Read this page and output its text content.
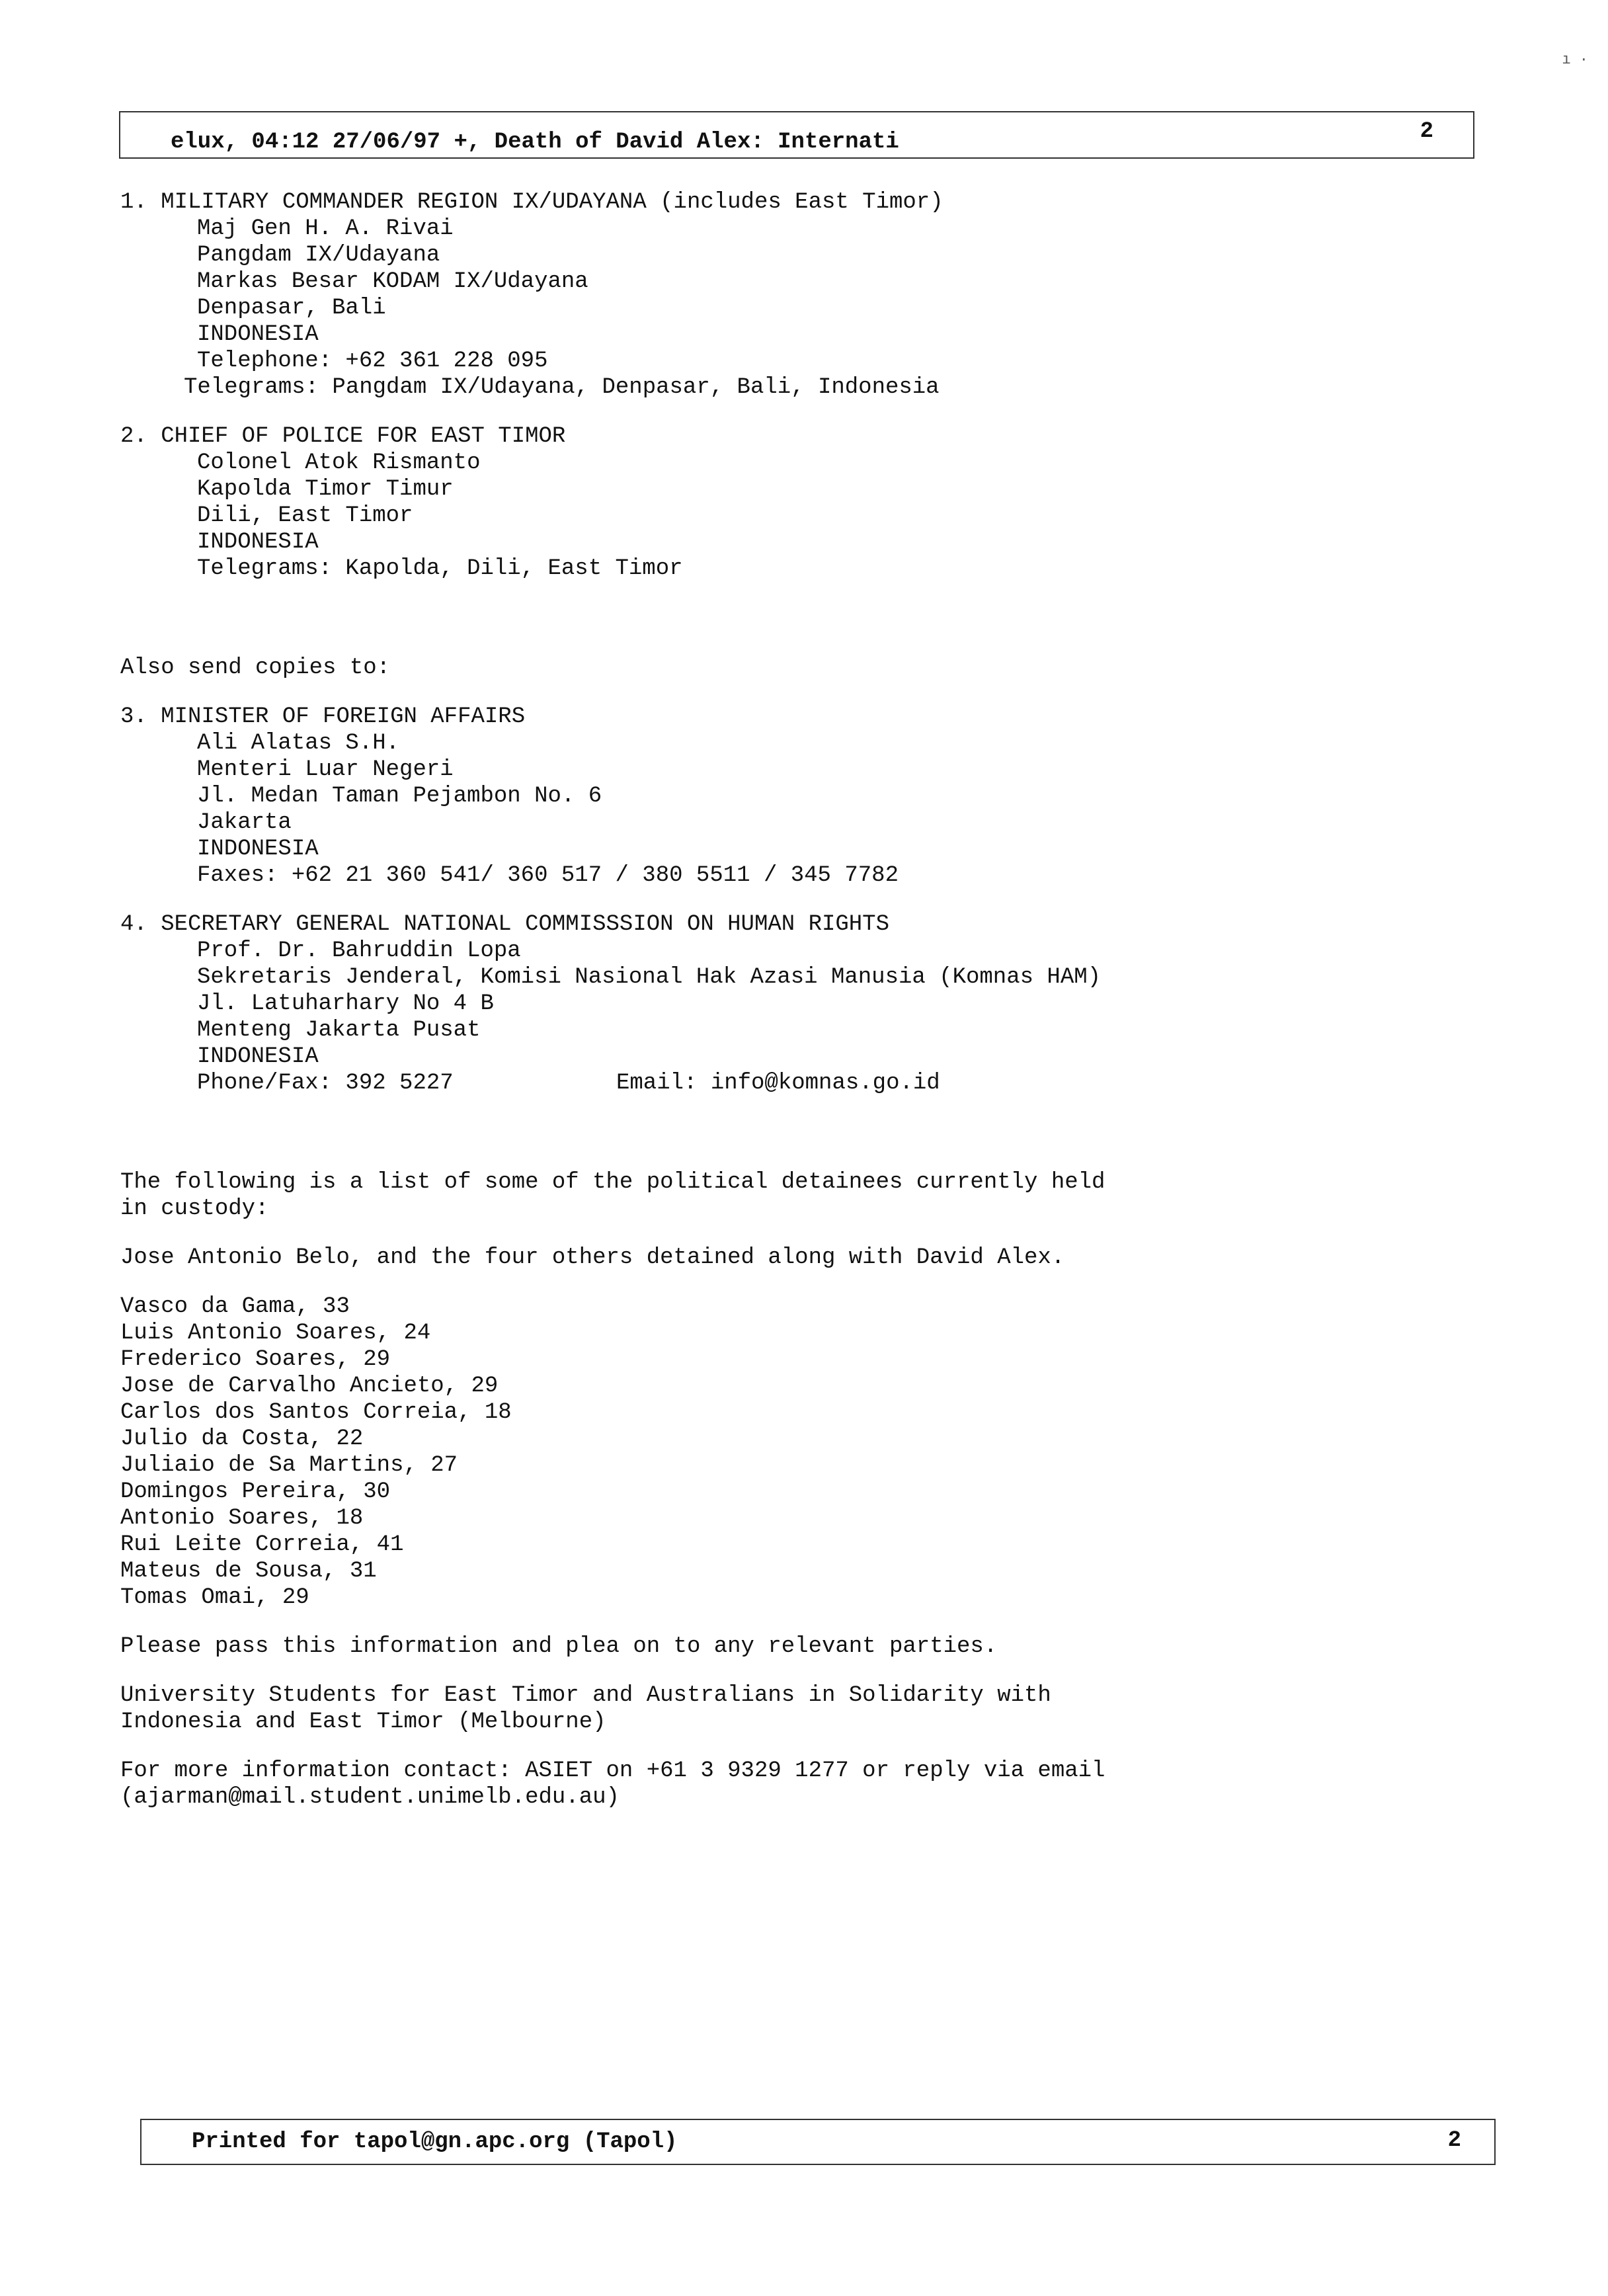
ı ·
elux, 04:12 27/06/97 +, Death of David Alex: Internati	2
1. MILITARY COMMANDER REGION IX/UDAYANA (includes East Timor)
Maj Gen H. A. Rivai
Pangdam IX/Udayana
Markas Besar KODAM IX/Udayana
Denpasar, Bali
INDONESIA
Telephone: +62 361 228 095
Telegrams: Pangdam IX/Udayana, Denpasar, Bali, Indonesia
2. CHIEF OF POLICE FOR EAST TIMOR
Colonel Atok Rismanto
Kapolda Timor Timur
Dili, East Timor
INDONESIA
Telegrams: Kapolda, Dili, East Timor
Also send copies to:
3. MINISTER OF FOREIGN AFFAIRS
Ali Alatas S.H.
Menteri Luar Negeri
Jl. Medan Taman Pejambon No. 6
Jakarta
INDONESIA
Faxes: +62 21 360 541/ 360 517 / 380 5511 / 345 7782
4. SECRETARY GENERAL NATIONAL COMMISSSION ON HUMAN RIGHTS
Prof. Dr. Bahruddin Lopa
Sekretaris Jenderal, Komisi Nasional Hak Azasi Manusia (Komnas HAM)
Jl. Latuharhary No 4 B
Menteng Jakarta Pusat
INDONESIA
Phone/Fax: 392 5227	Email: info@komnas.go.id
The following is a list of some of the political detainees currently held
in custody:
Jose Antonio Belo, and the four others detained along with David Alex.
Vasco da Gama, 33
Luis Antonio Soares, 24
Frederico Soares, 29
Jose de Carvalho Ancieto, 29
Carlos dos Santos Correia, 18
Julio da Costa, 22
Juliaio de Sa Martins, 27
Domingos Pereira, 30
Antonio Soares, 18
Rui Leite Correia, 41
Mateus de Sousa, 31
Tomas Omai, 29
Please pass this information and plea on to any relevant parties.
University Students for East Timor and Australians in Solidarity with
Indonesia and East Timor (Melbourne)
For more information contact: ASIET on +61 3 9329 1277 or reply via email
(ajarman@mail.student.unimelb.edu.au)
Printed for tapol@gn.apc.org (Tapol)	2
